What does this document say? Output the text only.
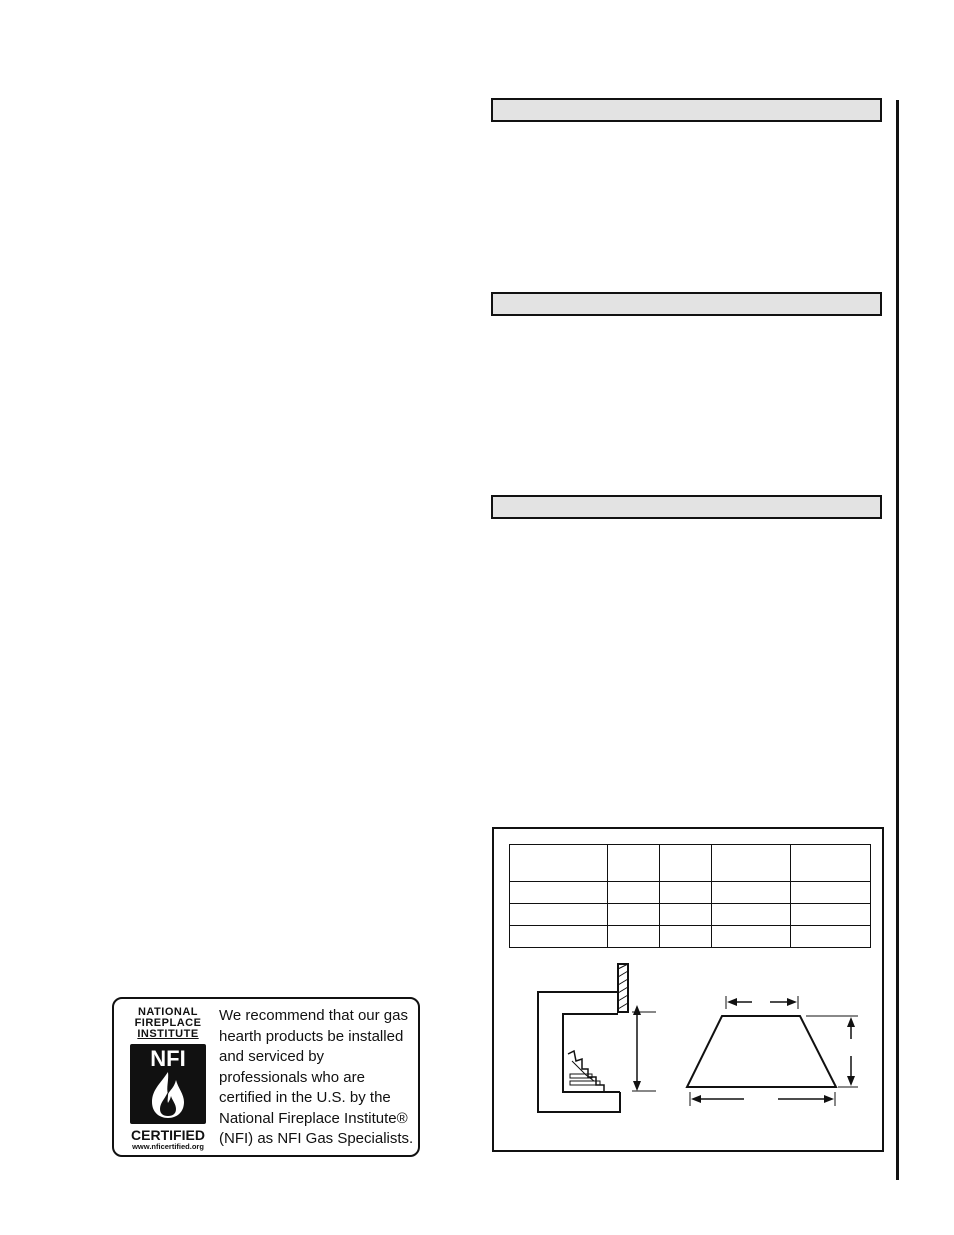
NATIONAL
FIREPLACE
INSTITUTE
NFI
CERTIFIED
www.nficertified.org
We recommend that our gas hearth products be installed and serviced by professionals who are certified in the U.S. by the National Fireplace Institute® (NFI) as NFI Gas Specialists.
